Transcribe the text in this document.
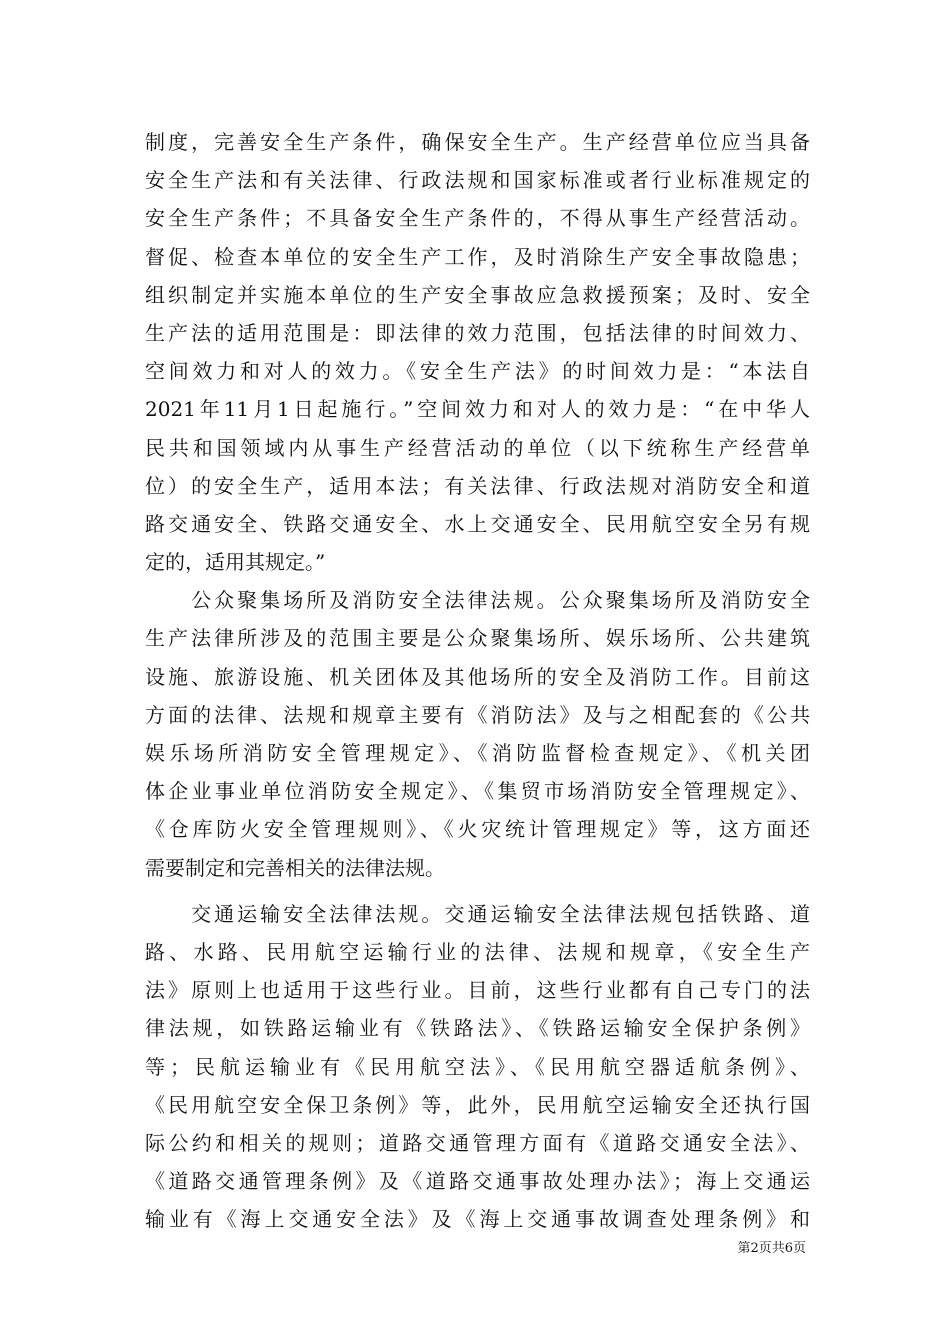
制度，完善安全生产条件，确保安全生产。生产经营单位应当具备
安全生产法和有关法律、行政法规和国家标准或者行业标准规定的
安全生产条件；不具备安全生产条件的，不得从事生产经营活动。
督促、检查本单位的安全生产工作，及时消除生产安全事故隐患；
组织制定并实施本单位的生产安全事故应急救援预案；及时、安全
生产法的适用范围是：即法律的效力范围，包括法律的时间效力、
空间效力和对人的效力。《安全生产法》的时间效力是：“本法自
2021年11月1日起施行。”空间效力和对人的效力是：“在中华人
民共和国领域内从事生产经营活动的单位（以下统称生产经营单
位）的安全生产，适用本法；有关法律、行政法规对消防安全和道
路交通安全、铁路交通安全、水上交通安全、民用航空安全另有规
定的，适用其规定。”
　　公众聚集场所及消防安全法律法规。公众聚集场所及消防安全
生产法律所涉及的范围主要是公众聚集场所、娱乐场所、公共建筑
设施、旅游设施、机关团体及其他场所的安全及消防工作。目前这
方面的法律、法规和规章主要有《消防法》及与之相配套的《公共
娱乐场所消防安全管理规定》、《消防监督检查规定》、《机关团
体企业事业单位消防安全规定》、《集贸市场消防安全管理规定》、
《仓库防火安全管理规则》、《火灾统计管理规定》等，这方面还
需要制定和完善相关的法律法规。
　　交通运输安全法律法规。交通运输安全法律法规包括铁路、道
路、水路、民用航空运输行业的法律、法规和规章，《安全生产
法》原则上也适用于这些行业。目前，这些行业都有自己专门的法
律法规，如铁路运输业有《铁路法》、《铁路运输安全保护条例》
等；民航运输业有《民用航空法》、《民用航空器适航条例》、
《民用航空安全保卫条例》等，此外，民用航空运输安全还执行国
际公约和相关的规则；道路交通管理方面有《道路交通安全法》、
《道路交通管理条例》及《道路交通事故处理办法》；海上交通运
输业有《海上交通安全法》及《海上交通事故调查处理条例》和
第2页共6页
